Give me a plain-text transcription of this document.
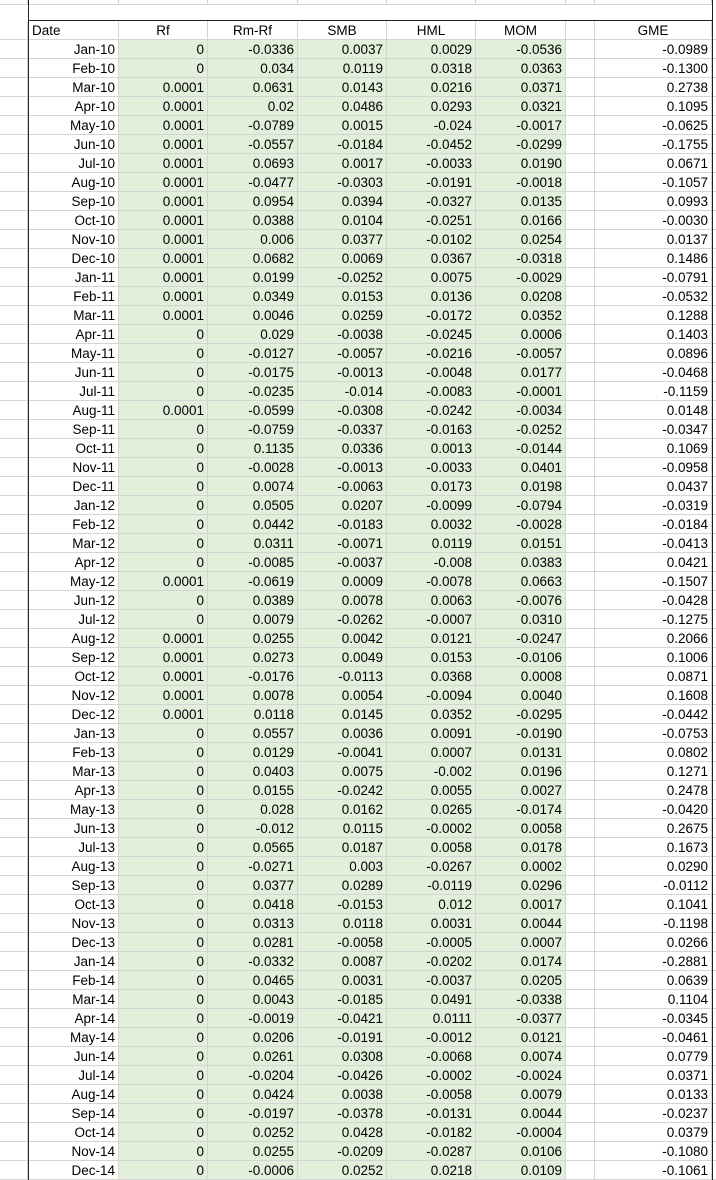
Date	Rf	Rm-Rf	SMB	HML	MOM	GME
Jan-10	0	-0.0336	0.0037	0.0029	-0.0536	-0.0989
Feb-10	0	0.034	0.0119	0.0318	0.0363	-0.1300
Mar-10	0.0001	0.0631	0.0143	0.0216	0.0371	0.2738
Apr-10	0.0001	0.02	0.0486	0.0293	0.0321	0.1095
May-10	0.0001	-0.0789	0.0015	-0.024	-0.0017	-0.0625
Jun-10	0.0001	-0.0557	-0.0184	-0.0452	-0.0299	-0.1755
Jul-10	0.0001	0.0693	0.0017	-0.0033	0.0190	0.0671
Aug-10	0.0001	-0.0477	-0.0303	-0.0191	-0.0018	-0.1057
Sep-10	0.0001	0.0954	0.0394	-0.0327	0.0135	0.0993
Oct-10	0.0001	0.0388	0.0104	-0.0251	0.0166	-0.0030
Nov-10	0.0001	0.006	0.0377	-0.0102	0.0254	0.0137
Dec-10	0.0001	0.0682	0.0069	0.0367	-0.0318	0.1486
Jan-11	0.0001	0.0199	-0.0252	0.0075	-0.0029	-0.0791
Feb-11	0.0001	0.0349	0.0153	0.0136	0.0208	-0.0532
Mar-11	0.0001	0.0046	0.0259	-0.0172	0.0352	0.1288
Apr-11	0	0.029	-0.0038	-0.0245	0.0006	0.1403
May-11	0	-0.0127	-0.0057	-0.0216	-0.0057	0.0896
Jun-11	0	-0.0175	-0.0013	-0.0048	0.0177	-0.0468
Jul-11	0	-0.0235	-0.014	-0.0083	-0.0001	-0.1159
Aug-11	0.0001	-0.0599	-0.0308	-0.0242	-0.0034	0.0148
Sep-11	0	-0.0759	-0.0337	-0.0163	-0.0252	-0.0347
Oct-11	0	0.1135	0.0336	0.0013	-0.0144	0.1069
Nov-11	0	-0.0028	-0.0013	-0.0033	0.0401	-0.0958
Dec-11	0	0.0074	-0.0063	0.0173	0.0198	0.0437
Jan-12	0	0.0505	0.0207	-0.0099	-0.0794	-0.0319
Feb-12	0	0.0442	-0.0183	0.0032	-0.0028	-0.0184
Mar-12	0	0.0311	-0.0071	0.0119	0.0151	-0.0413
Apr-12	0	-0.0085	-0.0037	-0.008	0.0383	0.0421
May-12	0.0001	-0.0619	0.0009	-0.0078	0.0663	-0.1507
Jun-12	0	0.0389	0.0078	0.0063	-0.0076	-0.0428
Jul-12	0	0.0079	-0.0262	-0.0007	0.0310	-0.1275
Aug-12	0.0001	0.0255	0.0042	0.0121	-0.0247	0.2066
Sep-12	0.0001	0.0273	0.0049	0.0153	-0.0106	0.1006
Oct-12	0.0001	-0.0176	-0.0113	0.0368	0.0008	0.0871
Nov-12	0.0001	0.0078	0.0054	-0.0094	0.0040	0.1608
Dec-12	0.0001	0.0118	0.0145	0.0352	-0.0295	-0.0442
Jan-13	0	0.0557	0.0036	0.0091	-0.0190	-0.0753
Feb-13	0	0.0129	-0.0041	0.0007	0.0131	0.0802
Mar-13	0	0.0403	0.0075	-0.002	0.0196	0.1271
Apr-13	0	0.0155	-0.0242	0.0055	0.0027	0.2478
May-13	0	0.028	0.0162	0.0265	-0.0174	-0.0420
Jun-13	0	-0.012	0.0115	-0.0002	0.0058	0.2675
Jul-13	0	0.0565	0.0187	0.0058	0.0178	0.1673
Aug-13	0	-0.0271	0.003	-0.0267	0.0002	0.0290
Sep-13	0	0.0377	0.0289	-0.0119	0.0296	-0.0112
Oct-13	0	0.0418	-0.0153	0.012	0.0017	0.1041
Nov-13	0	0.0313	0.0118	0.0031	0.0044	-0.1198
Dec-13	0	0.0281	-0.0058	-0.0005	0.0007	0.0266
Jan-14	0	-0.0332	0.0087	-0.0202	0.0174	-0.2881
Feb-14	0	0.0465	0.0031	-0.0037	0.0205	0.0639
Mar-14	0	0.0043	-0.0185	0.0491	-0.0338	0.1104
Apr-14	0	-0.0019	-0.0421	0.0111	-0.0377	-0.0345
May-14	0	0.0206	-0.0191	-0.0012	0.0121	-0.0461
Jun-14	0	0.0261	0.0308	-0.0068	0.0074	0.0779
Jul-14	0	-0.0204	-0.0426	-0.0002	-0.0024	0.0371
Aug-14	0	0.0424	0.0038	-0.0058	0.0079	0.0133
Sep-14	0	-0.0197	-0.0378	-0.0131	0.0044	-0.0237
Oct-14	0	0.0252	0.0428	-0.0182	-0.0004	0.0379
Nov-14	0	0.0255	-0.0209	-0.0287	0.0106	-0.1080
Dec-14	0	-0.0006	0.0252	0.0218	0.0109	-0.1061
